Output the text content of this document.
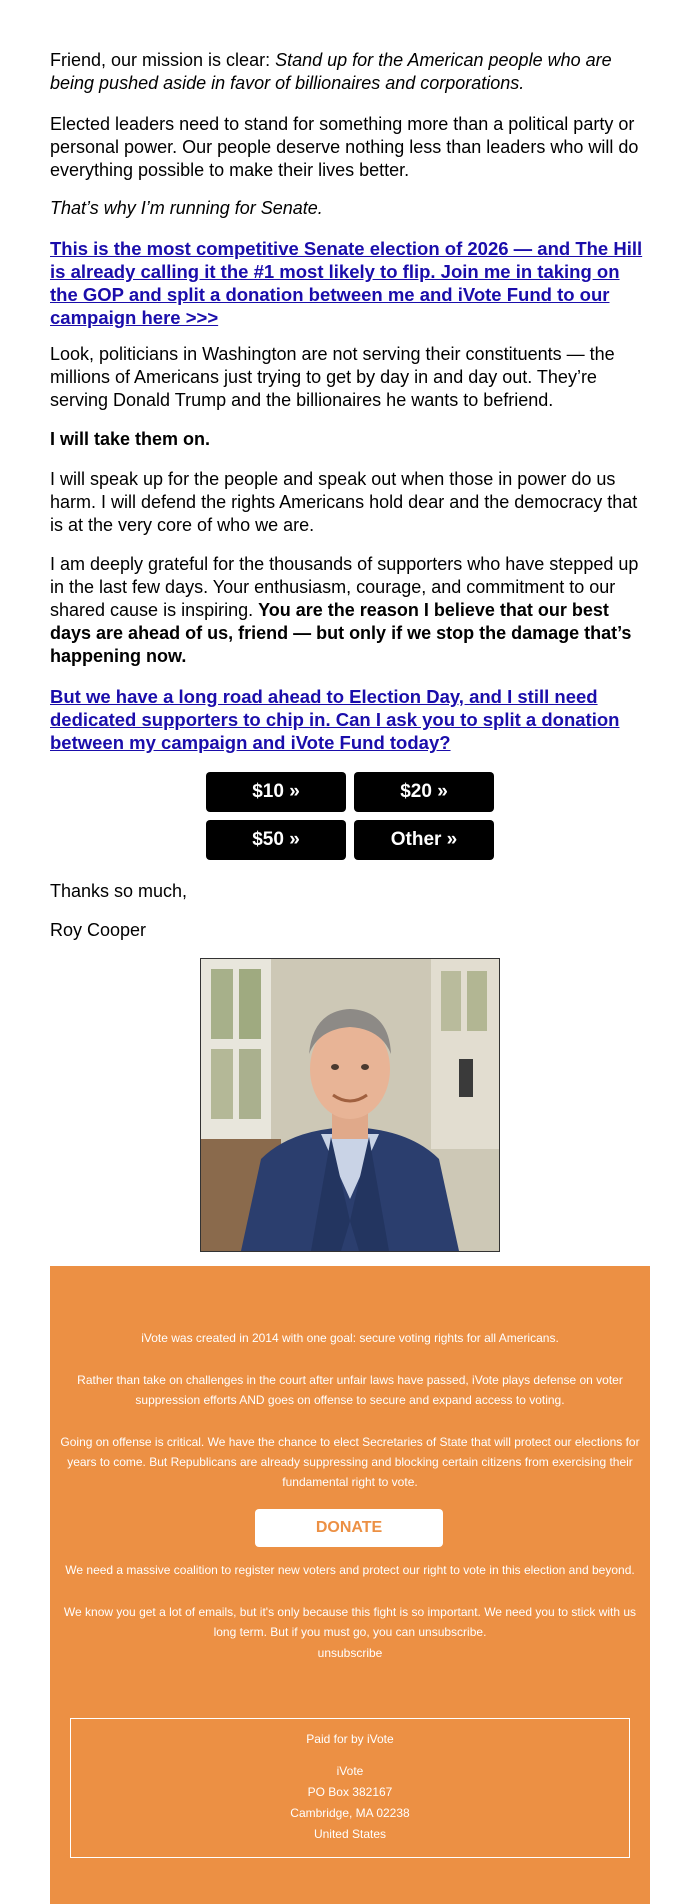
Friend, our mission is clear: Stand up for the American people who are being pushed aside in favor of billionaires and corporations.

Elected leaders need to stand for something more than a political party or personal power. Our people deserve nothing less than leaders who will do everything possible to make their lives better.

That’s why I’m running for Senate.

This is the most competitive Senate election of 2026 — and The Hill is already calling it the #1 most likely to flip. Join me in taking on the GOP and split a donation between me and iVote Fund to our campaign here >>>

Look, politicians in Washington are not serving their constituents — the millions of Americans just trying to get by day in and day out. They’re serving Donald Trump and the billionaires he wants to befriend.

I will take them on.

I will speak up for the people and speak out when those in power do us harm. I will defend the rights Americans hold dear and the democracy that is at the very core of who we are.

I am deeply grateful for the thousands of supporters who have stepped up in the last few days. Your enthusiasm, courage, and commitment to our shared cause is inspiring. You are the reason I believe that our best days are ahead of us, friend — but only if we stop the damage that’s happening now.

But we have a long road ahead to Election Day, and I still need dedicated supporters to chip in. Can I ask you to split a donation between my campaign and iVote Fund today?
$10 »	$20 »
$50 »	Other »
Thanks so much,
Roy Cooper

iVote was created in 2014 with one goal: secure voting rights for all Americans.

Rather than take on challenges in the court after unfair laws have passed, iVote plays defense on voter suppression efforts AND goes on offense to secure and expand access to voting.

Going on offense is critical. We have the chance to elect Secretaries of State that will protect our elections for years to come. But Republicans are already suppressing and blocking certain citizens from exercising their fundamental right to vote.

DONATE

We need a massive coalition to register new voters and protect our right to vote in this election and beyond.

We know you get a lot of emails, but it's only because this fight is so important. We need you to stick with us long term. But if you must go, you can unsubscribe.

unsubscribe

Paid for by iVote

iVote

PO Box 382167

Cambridge, MA 02238

United States
